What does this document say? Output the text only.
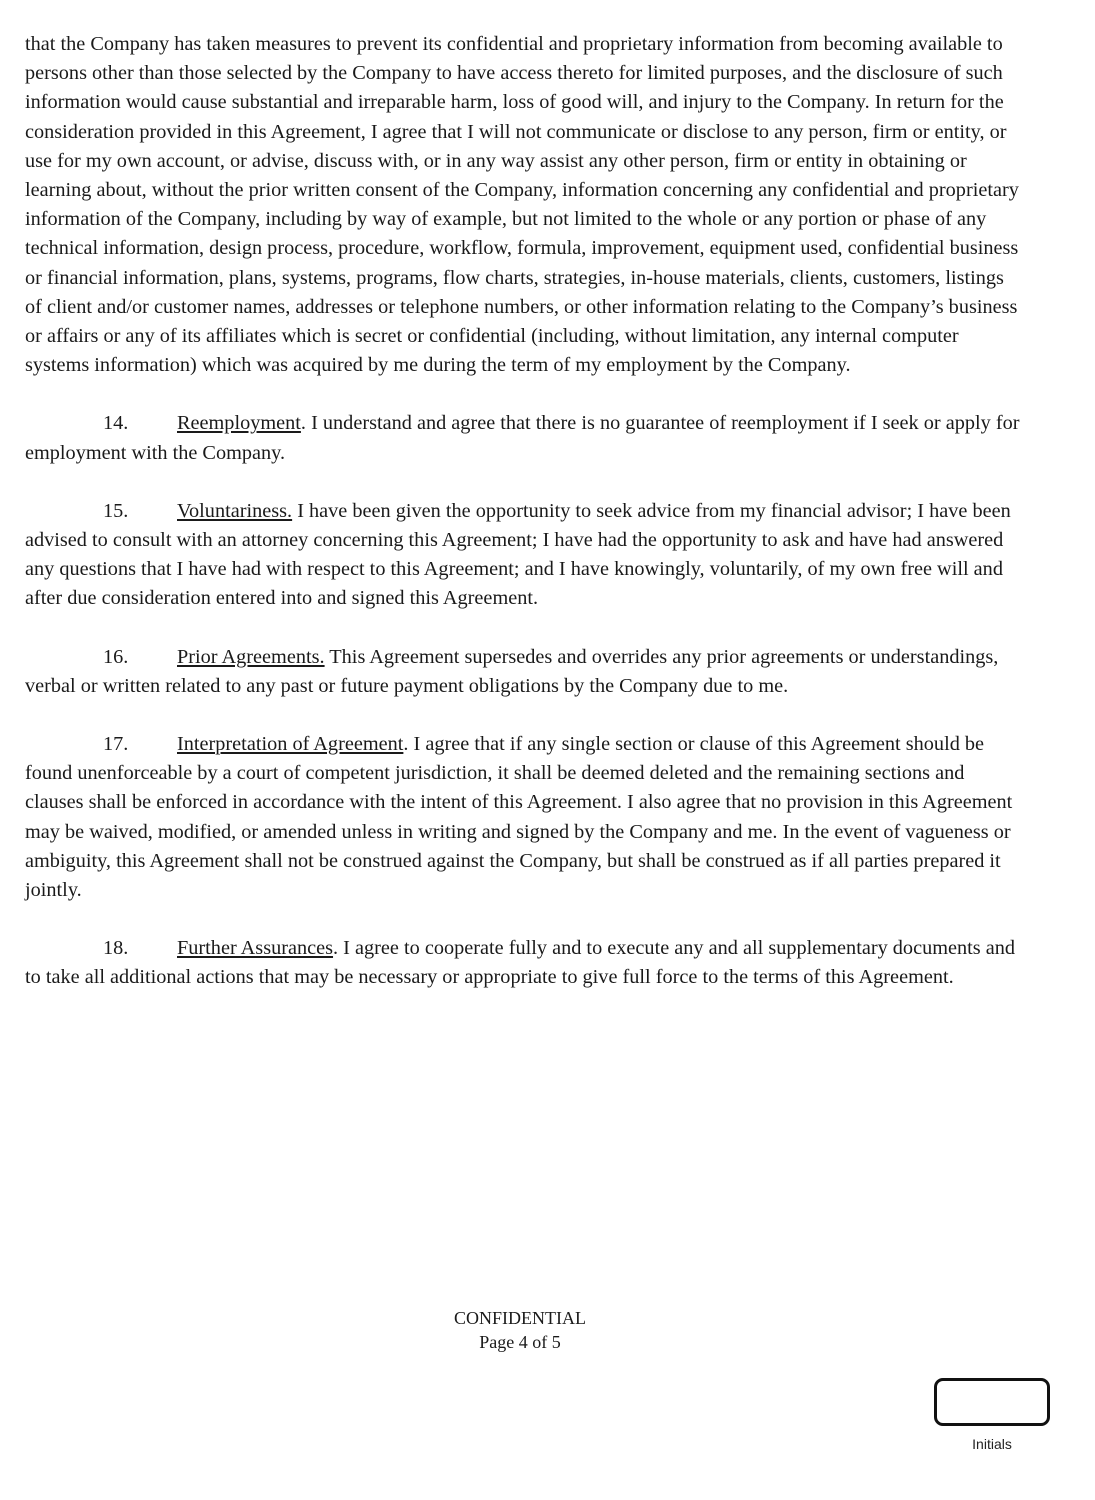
that the Company has taken measures to prevent its confidential and proprietary information from becoming available to persons other than those selected by the Company to have access thereto for limited purposes, and the disclosure of such information would cause substantial and irreparable harm, loss of good will, and injury to the Company. In return for the consideration provided in this Agreement, I agree that I will not communicate or disclose to any person, firm or entity, or use for my own account, or advise, discuss with, or in any way assist any other person, firm or entity in obtaining or learning about, without the prior written consent of the Company, information concerning any confidential and proprietary information of the Company, including by way of example, but not limited to the whole or any portion or phase of any technical information, design process, procedure, workflow, formula, improvement, equipment used, confidential business or financial information, plans, systems, programs, flow charts, strategies, in-house materials, clients, customers, listings of client and/or customer names, addresses or telephone numbers, or other information relating to the Company’s business or affairs or any of its affiliates which is secret or confidential (including, without limitation, any internal computer systems information) which was acquired by me during the term of my employment by the Company.

14. Reemployment. I understand and agree that there is no guarantee of reemployment if I seek or apply for employment with the Company.

15. Voluntariness. I have been given the opportunity to seek advice from my financial advisor; I have been advised to consult with an attorney concerning this Agreement; I have had the opportunity to ask and have had answered any questions that I have had with respect to this Agreement; and I have knowingly, voluntarily, of my own free will and after due consideration entered into and signed this Agreement.

16. Prior Agreements. This Agreement supersedes and overrides any prior agreements or understandings, verbal or written related to any past or future payment obligations by the Company due to me.

17. Interpretation of Agreement. I agree that if any single section or clause of this Agreement should be found unenforceable by a court of competent jurisdiction, it shall be deemed deleted and the remaining sections and clauses shall be enforced in accordance with the intent of this Agreement. I also agree that no provision in this Agreement may be waived, modified, or amended unless in writing and signed by the Company and me. In the event of vagueness or ambiguity, this Agreement shall not be construed against the Company, but shall be construed as if all parties prepared it jointly.

18. Further Assurances. I agree to cooperate fully and to execute any and all supplementary documents and to take all additional actions that may be necessary or appropriate to give full force to the terms of this Agreement.

CONFIDENTIAL
Page 4 of 5
Initials
